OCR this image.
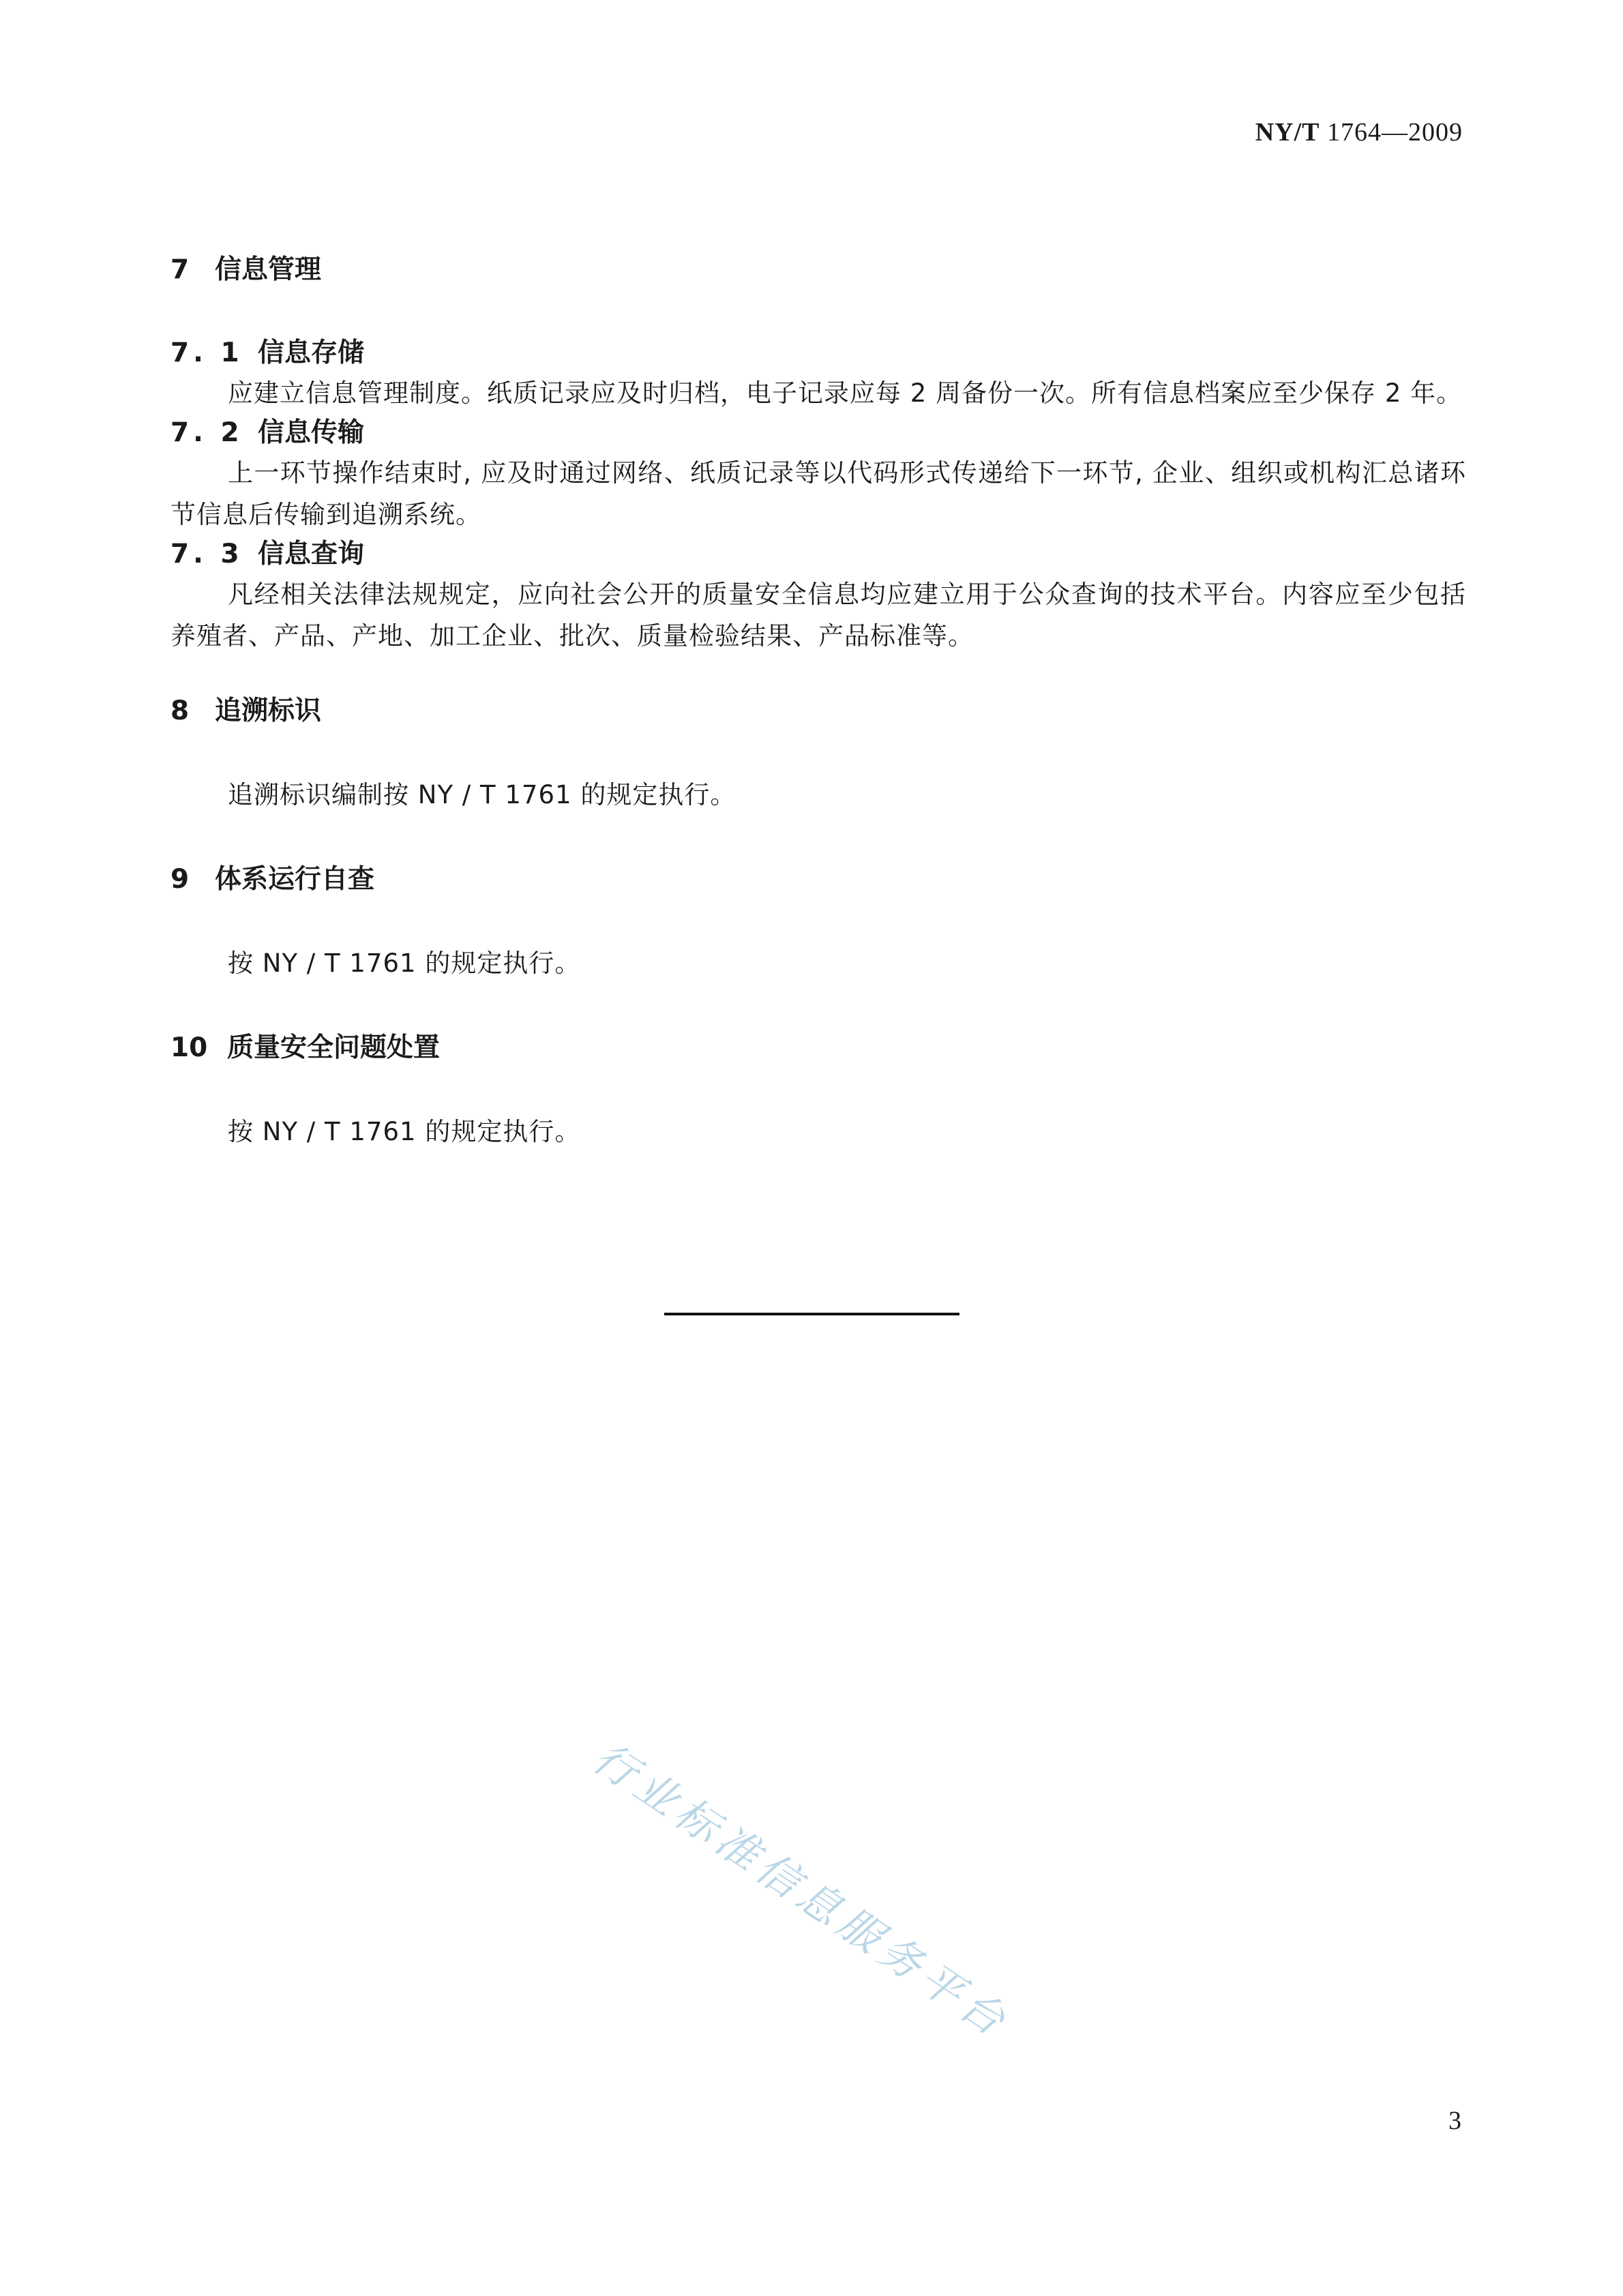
NY/T 1764—2009
7 信息管理
7. 1 信息存储

应建立信息管理制度。纸质记录应及时归档，电子记录应每 2 周备份一次。所有信息档案应至少保存 2 年。

7. 2 信息传输

上一环节操作结束时, 应及时通过网络、纸质记录等以代码形式传递给下一环节, 企业、组织或机构汇总诸环节信息后传输到追溯系统。

7. 3 信息查询

凡经相关法律法规规定，应向社会公开的质量安全信息均应建立用于公众查询的技术平台。内容应至少包括养殖者、产品、产地、加工企业、批次、质量检验结果、产品标准等。

8 追溯标识

追溯标识编制按 NY / T 1761 的规定执行。

9 体系运行自查

按 NY / T 1761 的规定执行。

10 质量安全问题处置

按 NY / T 1761 的规定执行。

行业标准信息服务平台
3
